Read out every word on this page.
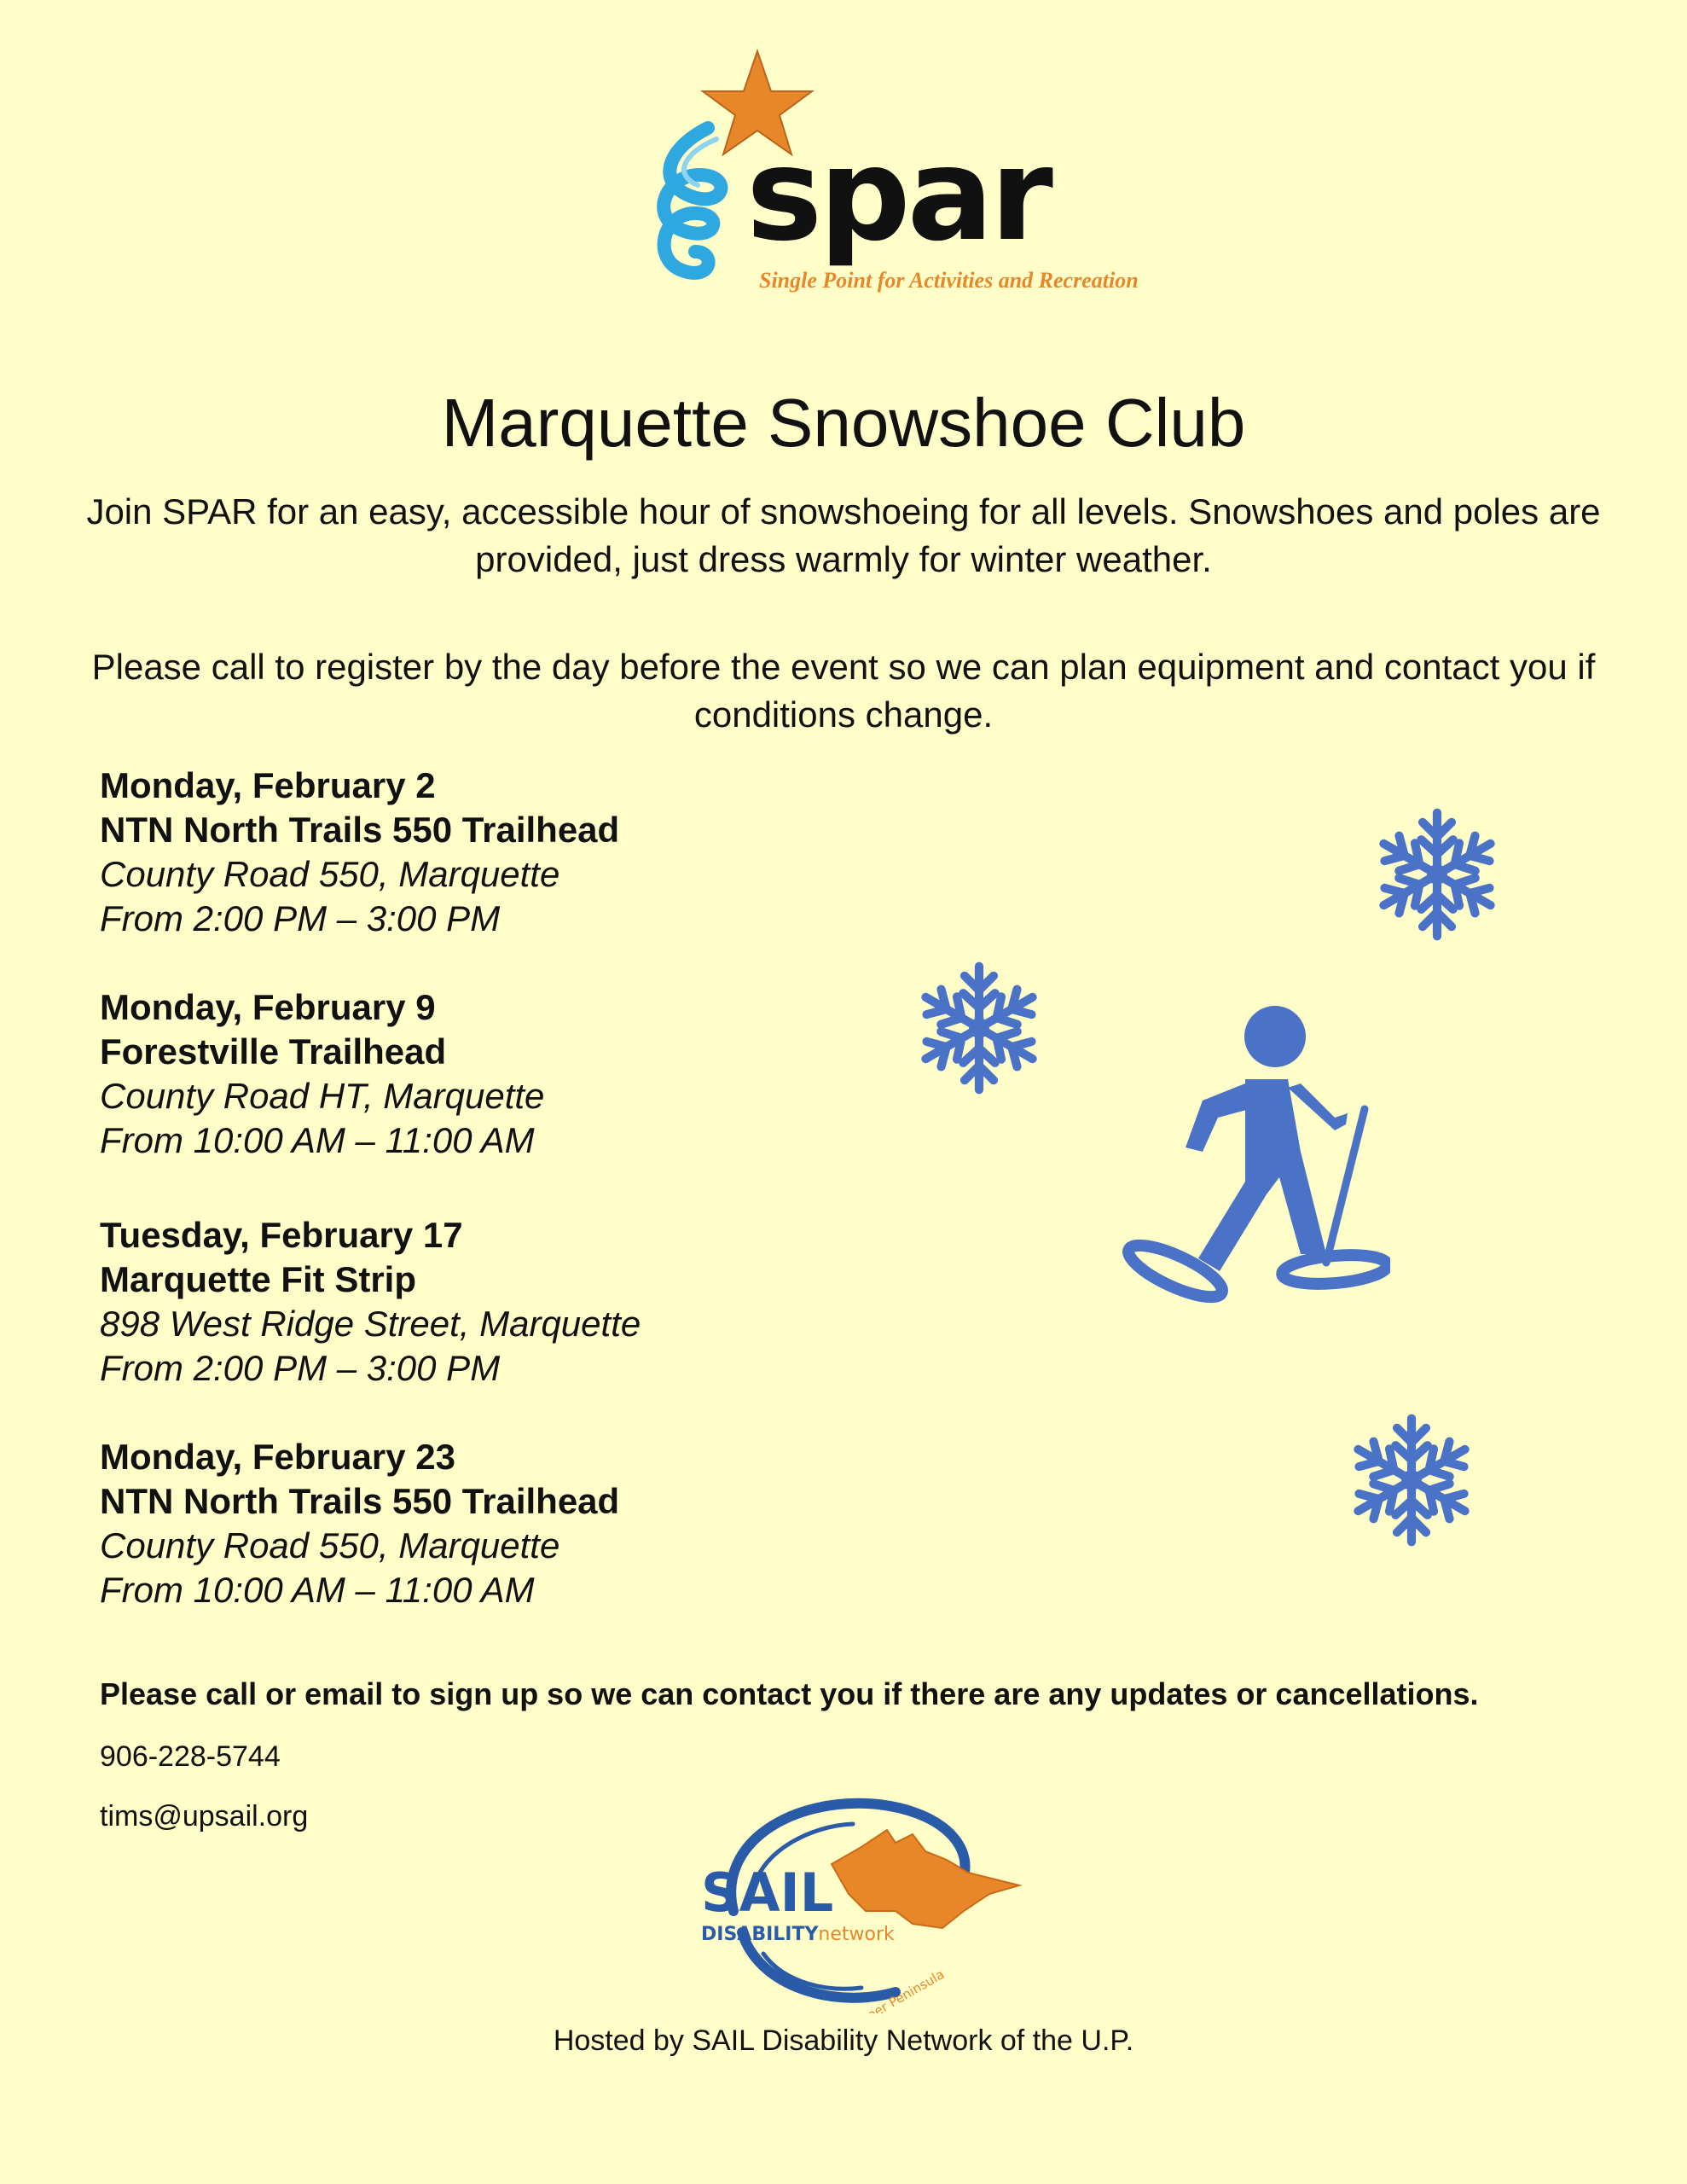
spar
Single Point for Activities and Recreation
Marquette Snowshoe Club

Join SPAR for an easy, accessible hour of snowshoeing for all levels. Snowshoes and poles are provided, just dress warmly for winter weather.

Please call to register by the day before the event so we can plan equipment and contact you if conditions change.

Monday, February 2
NTN North Trails 550 Trailhead
County Road 550, Marquette
From 2:00 PM – 3:00 PM
Monday, February 9
Forestville Trailhead
County Road HT, Marquette
From 10:00 AM – 11:00 AM
Tuesday, February 17
Marquette Fit Strip
898 West Ridge Street, Marquette
From 2:00 PM – 3:00 PM
Monday, February 23
NTN North Trails 550 Trailhead
County Road 550, Marquette
From 10:00 AM – 11:00 AM

Please call or email to sign up so we can contact you if there are any updates or cancellations.

906-228-5744
tims@upsail.org
SAIL
DISABILITYnetwork
Upper Peninsula
Hosted by SAIL Disability Network of the U.P.
